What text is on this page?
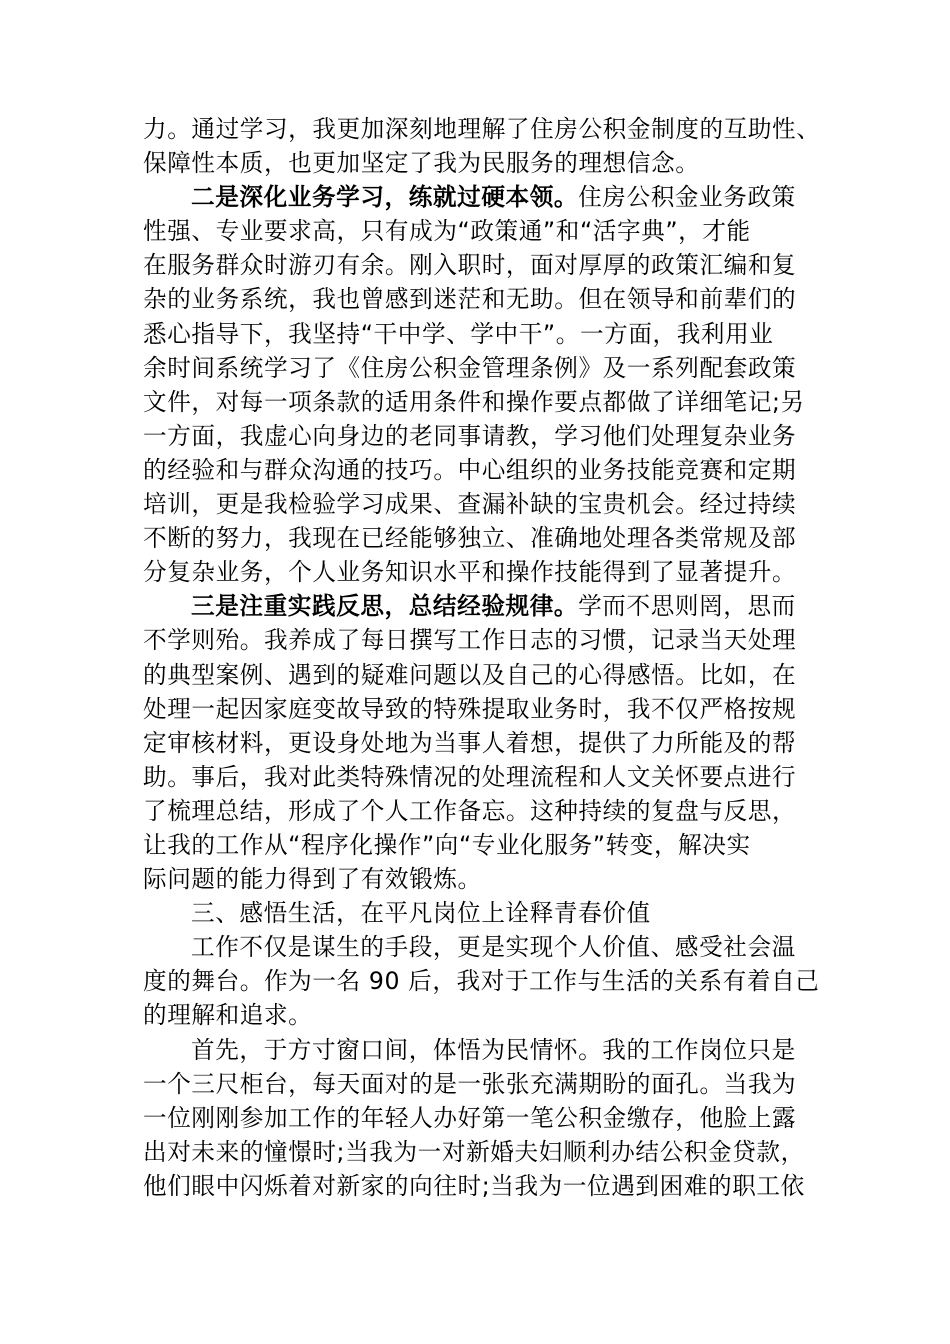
力。通过学习，我更加深刻地理解了住房公积金制度的互助性、
保障性本质，也更加坚定了我为民服务的理想信念。
二是深化业务学习，练就过硬本领。住房公积金业务政策
性强、专业要求高，只有成为“政策通”和“活字典”，才能
在服务群众时游刃有余。刚入职时，面对厚厚的政策汇编和复
杂的业务系统，我也曾感到迷茫和无助。但在领导和前辈们的
悉心指导下，我坚持“干中学、学中干”。一方面，我利用业
余时间系统学习了《住房公积金管理条例》及一系列配套政策
文件，对每一项条款的适用条件和操作要点都做了详细笔记;另
一方面，我虚心向身边的老同事请教，学习他们处理复杂业务
的经验和与群众沟通的技巧。中心组织的业务技能竞赛和定期
培训，更是我检验学习成果、查漏补缺的宝贵机会。经过持续
不断的努力，我现在已经能够独立、准确地处理各类常规及部
分复杂业务，个人业务知识水平和操作技能得到了显著提升。
三是注重实践反思，总结经验规律。学而不思则罔，思而
不学则殆。我养成了每日撰写工作日志的习惯，记录当天处理
的典型案例、遇到的疑难问题以及自己的心得感悟。比如，在
处理一起因家庭变故导致的特殊提取业务时，我不仅严格按规
定审核材料，更设身处地为当事人着想，提供了力所能及的帮
助。事后，我对此类特殊情况的处理流程和人文关怀要点进行
了梳理总结，形成了个人工作备忘。这种持续的复盘与反思，
让我的工作从“程序化操作”向“专业化服务”转变，解决实
际问题的能力得到了有效锻炼。
三、感悟生活，在平凡岗位上诠释青春价值
工作不仅是谋生的手段，更是实现个人价值、感受社会温
度的舞台。作为一名 90 后，我对于工作与生活的关系有着自己
的理解和追求。
首先，于方寸窗口间，体悟为民情怀。我的工作岗位只是
一个三尺柜台，每天面对的是一张张充满期盼的面孔。当我为
一位刚刚参加工作的年轻人办好第一笔公积金缴存，他脸上露
出对未来的憧憬时;当我为一对新婚夫妇顺利办结公积金贷款，
他们眼中闪烁着对新家的向往时;当我为一位遇到困难的职工依
